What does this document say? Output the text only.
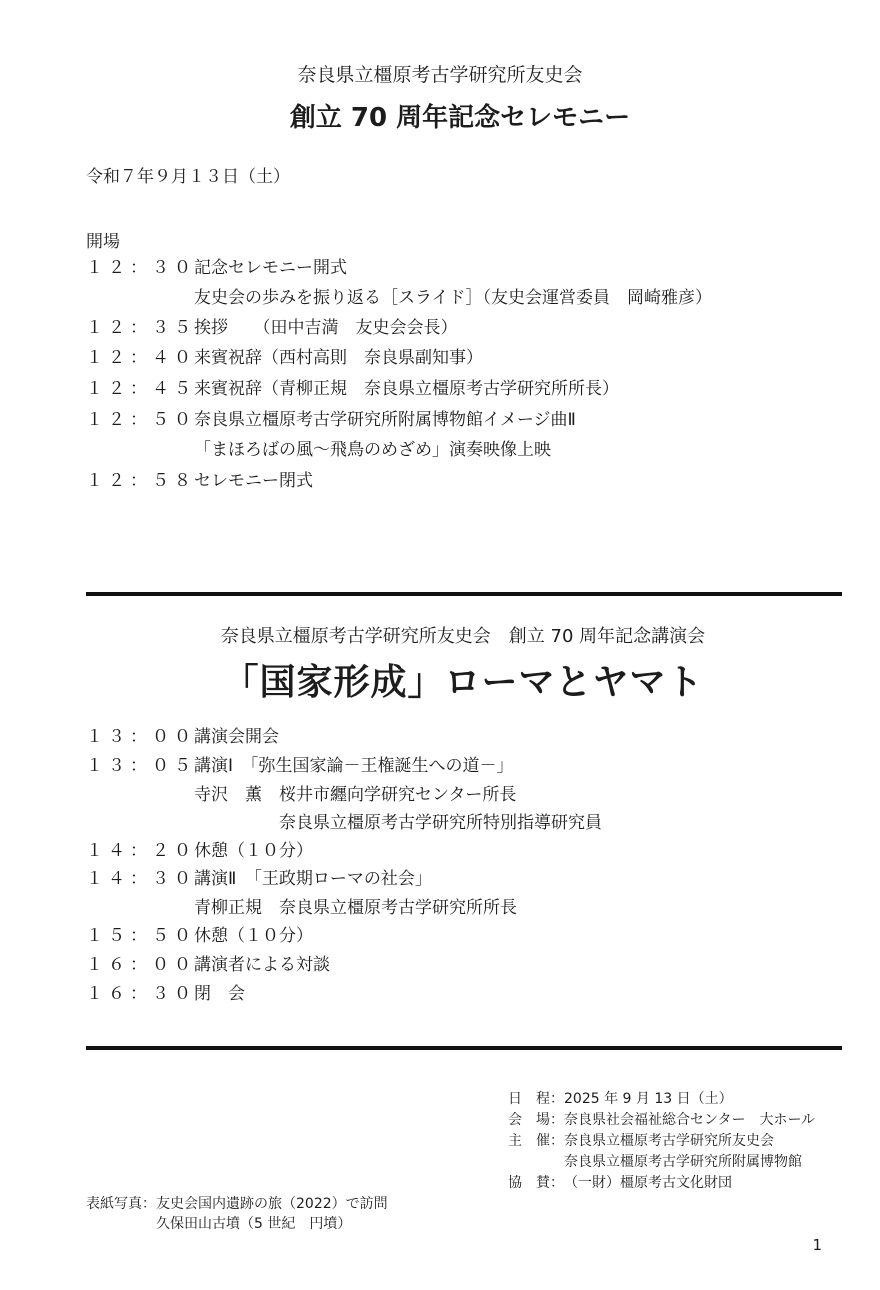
奈良県立橿原考古学研究所友史会
創立 70 周年記念セレモニー
令和７年９月１３日（土）
開場
１２：３０記念セレモニー開式
友史会の歩みを振り返る［スライド］（友史会運営委員　岡崎雅彦）
１２：３５挨拶　　（田中吉満　友史会会長）
１２：４０来賓祝辞（西村高則　奈良県副知事）
１２：４５来賓祝辞（青柳正規　奈良県立橿原考古学研究所所長）
１２：５０奈良県立橿原考古学研究所附属博物館イメージ曲Ⅱ
「まほろばの風～飛鳥のめざめ」演奏映像上映
１２：５８セレモニー閉式
奈良県立橿原考古学研究所友史会　創立 70 周年記念講演会
「国家形成」ローマとヤマト
１３：００講演会開会
１３：０５講演Ⅰ　「弥生国家論－王権誕生への道－」
寺沢　薫　桜井市纒向学研究センター所長
　　　　　奈良県立橿原考古学研究所特別指導研究員
１４：２０休憩（１０分）
１４：３０講演Ⅱ　「王政期ローマの社会」
青柳正規　奈良県立橿原考古学研究所所長
１５：５０休憩（１０分）
１６：００講演者による対談
１６：３０閉　会
日　程：2025 年 9 月 13 日（土）
会　場：奈良県社会福祉総合センター　大ホール
主　催：奈良県立橿原考古学研究所友史会
奈良県立橿原考古学研究所附属博物館
協　賛：（一財）橿原考古文化財団
表紙写真：友史会国内遺跡の旅（2022）で訪問
　　　　　久保田山古墳（5 世紀　円墳）
1
